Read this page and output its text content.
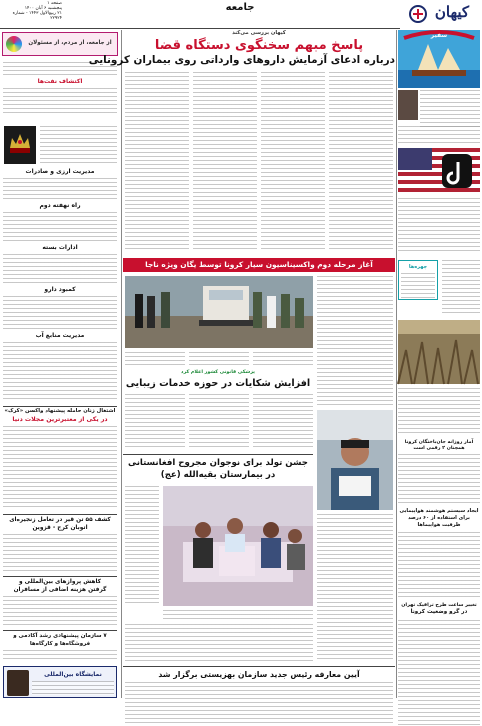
صفحه ۱
پنجشنبه ۶ آبان ۱۴۰۰
۲۱ ربیع‌الاول ۱۴۴۳ - شماره ۲۲۹۲۴
جامعه	کیهان
از جامعه، از مردم، از مسئولان
اکتشاف نفت‌ها
مدیریت ارزی و صادرات
راه نهفته دوم
ادارات بسته
کمبود دارو
مدیریت منابع آب
اشتغال زنان حامله پیشنهاد واکسن «کرک»
در یکی از معتبرترین مجلات دنیا
کشف ۵۵ تن قیر در تعامل زنجیره‌ای
اتوبان کرج - قزوین
کاهش پروازهای بین‌المللی و
گرفتن هزینه اضافی از مسافران
۷ سازمان پیشنهادی رشد آکادمی و
فروشگاه‌ها و کارگاه‌ها
نمایشگاه بین‌المللی
کیهان بررسی می‌کند
پاسخ مبهم سخنگوی دستگاه قضا
درباره ادعای آزمایش داروهای وارداتی روی بیماران کرونایی
آغاز مرحله دوم واکسیناسیون سیار کرونا توسط یگان ویژه ناجا
پزشکی قانونی کشور اعلام کرد
افزایش شکایات در حوزه خدمات زیبایی
جشن تولد برای نوجوان مجروح افغانستانی
در بیمارستان بقیه‌الله (عج)
آیین معارفه رئیس جدید سازمان بهزیستی برگزار شد
سفیر
چهره‌ها
آمار روزانه جان‌باختگان کرونا همچنان ۲ رقمی است
ایجاد سیستم هوشمند هواپیمایی
برای استفاده از ۶۰ درصد
ظرفیت هواپیماها
تغییر ساعت طرح ترافیک تهران
در گرو وضعیت کرونا
